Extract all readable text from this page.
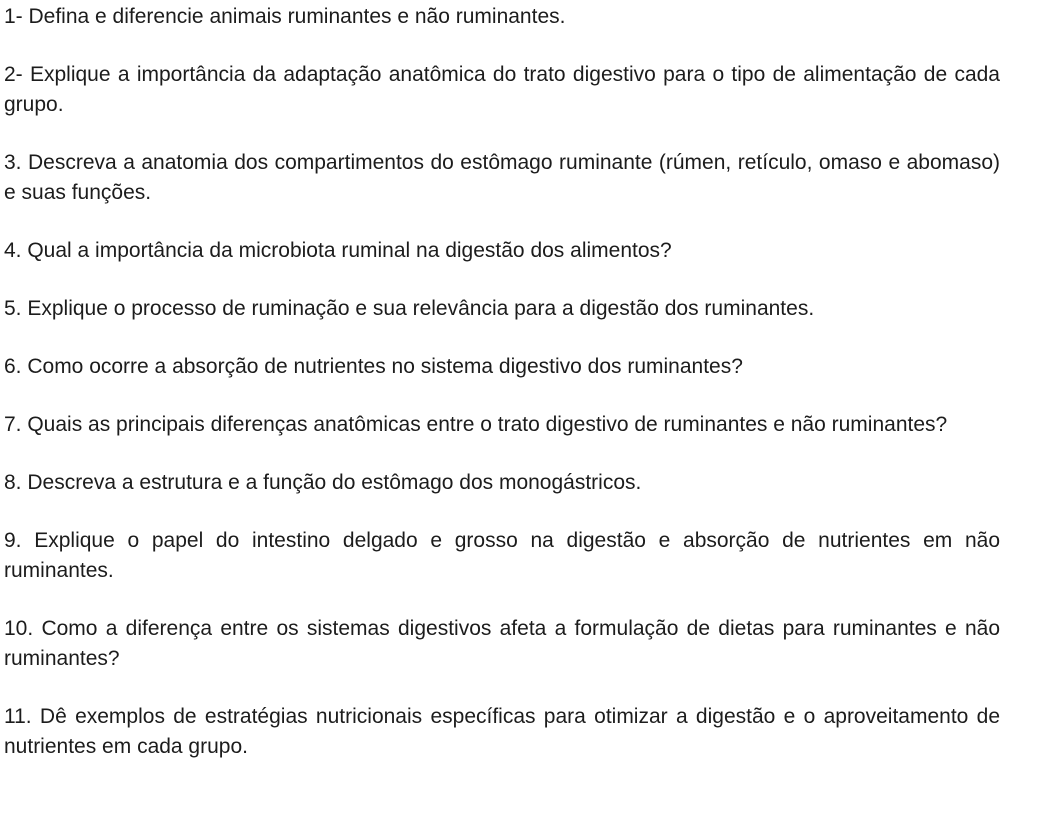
1- Defina e diferencie animais ruminantes e não ruminantes.

2- Explique a importância da adaptação anatômica do trato digestivo para o tipo de alimentação de cada grupo.

3. Descreva a anatomia dos compartimentos do estômago ruminante (rúmen, retículo, omaso e abomaso) e suas funções.

4. Qual a importância da microbiota ruminal na digestão dos alimentos?

5. Explique o processo de ruminação e sua relevância para a digestão dos ruminantes.

6. Como ocorre a absorção de nutrientes no sistema digestivo dos ruminantes?

7. Quais as principais diferenças anatômicas entre o trato digestivo de ruminantes e não ruminantes?

8. Descreva a estrutura e a função do estômago dos monogástricos.

9. Explique o papel do intestino delgado e grosso na digestão e absorção de nutrientes em não ruminantes.

10. Como a diferença entre os sistemas digestivos afeta a formulação de dietas para ruminantes e não ruminantes?

11. Dê exemplos de estratégias nutricionais específicas para otimizar a digestão e o aproveitamento de nutrientes em cada grupo.
